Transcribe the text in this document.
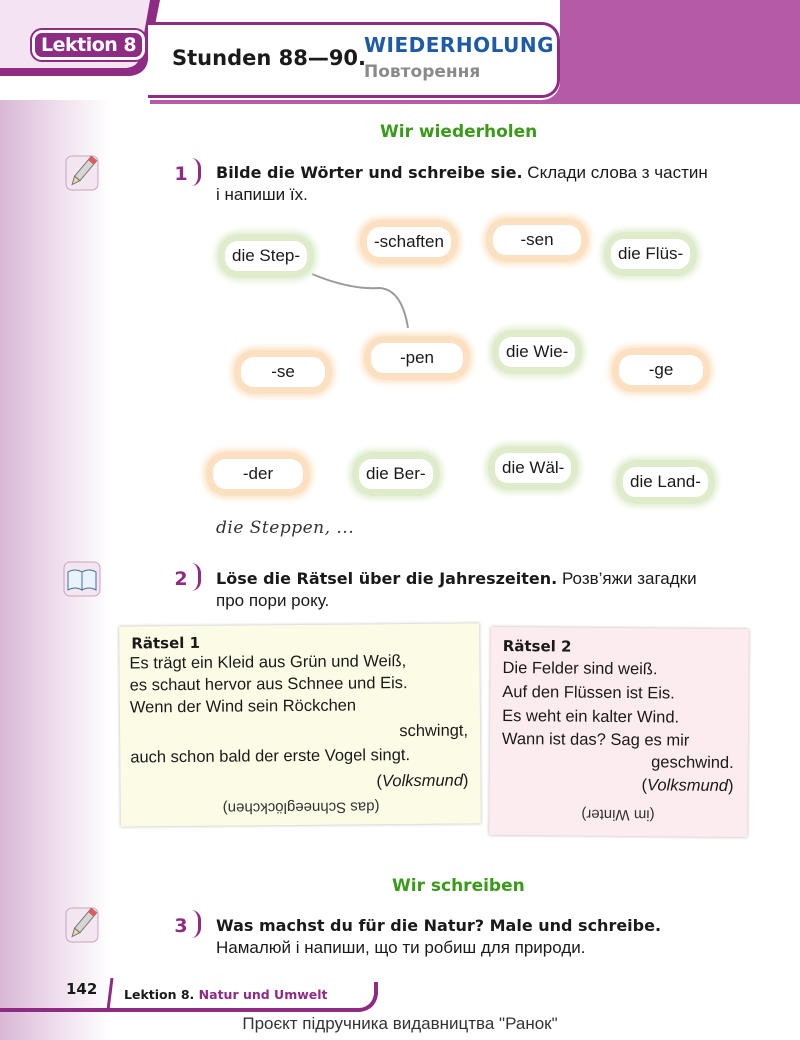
Lektion 8
Stunden 88—90.
WIEDERHOLUNG
Повторення
Wir wiederholen
1	Bilde die Wörter und schreibe sie. Склади слова з частин
і напиши їх.
die Step-
-schaften	-sen
die Flüs-
-se
-pen	die Wie-
-ge
-der	die Ber-	die Wäl-
die Land-
die Steppen, ...
2	Löse die Rätsel über die Jahreszeiten. Розв’яжи загадки
про пори року.
Rätsel 1
Es trägt ein Kleid aus Grün und Weiß,
es schaut hervor aus Schnee und Eis.
Wenn der Wind sein Röckchen
schwingt,
auch schon bald der erste Vogel singt.
(Volksmund)
(das Schneeglöckchen)
Rätsel 2
Die Felder sind weiß.
Auf den Flüssen ist Eis.
Es weht ein kalter Wind.
Wann ist das? Sag es mir
geschwind.
(Volksmund)
(im Winter)
Wir schreiben
3	Was machst du für die Natur? Male und schreibe.
Намалюй і напиши, що ти робиш для природи.
142 Lektion 8. Natur und Umwelt
Проєкт підручника видавництва "Ранок"
